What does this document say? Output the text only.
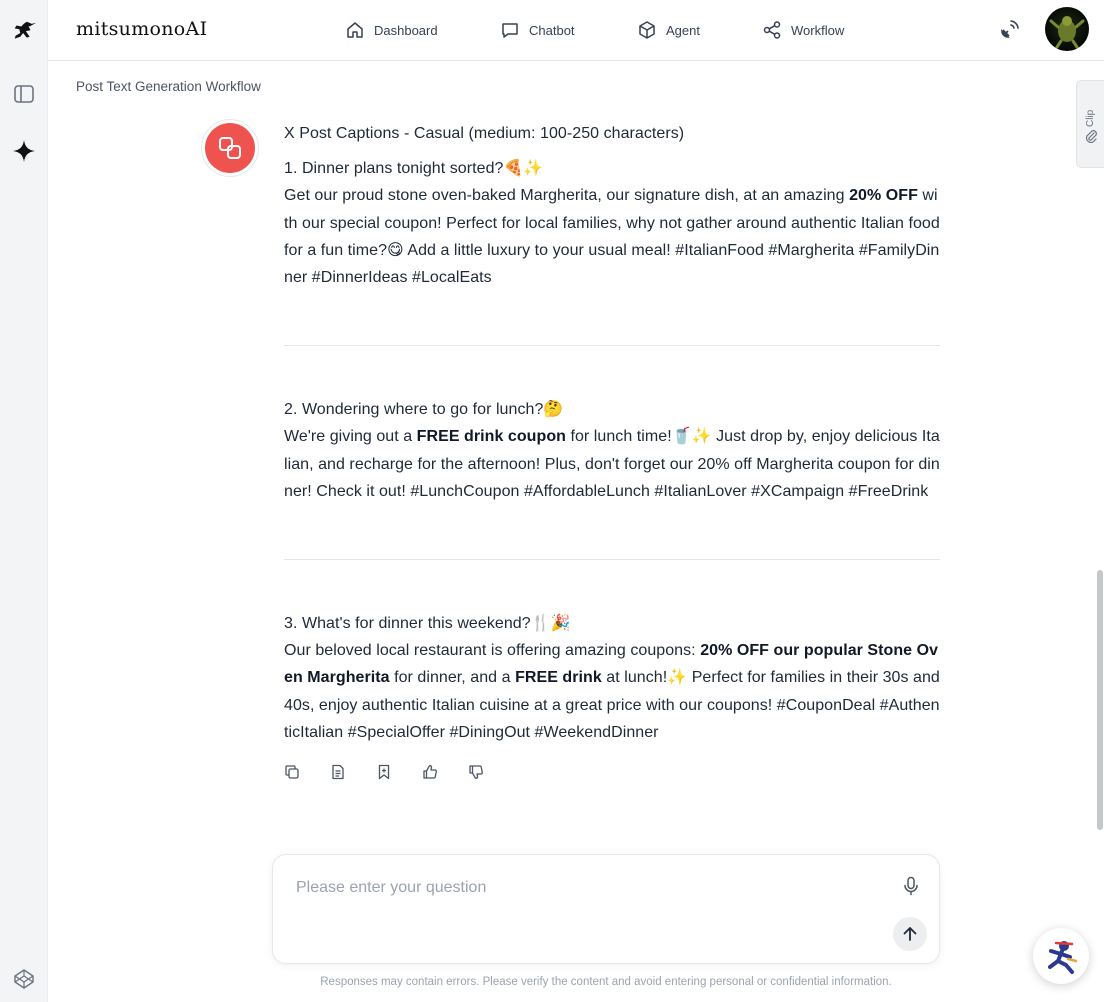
mitsumonoAI	Dashboard	Chatbot	Agent	Workflow
Post Text Generation Workflow
Clip
X Post Captions - Casual (medium: 100-250 characters)

1. Dinner plans tonight sorted?🍕✨

Get our proud stone oven-baked Margherita, our signature dish, at an amazing 20% OFF with our special coupon! Perfect for local families, why not gather around authentic Italian food for a fun time?😋 Add a little luxury to your usual meal! #ItalianFood #Margherita #FamilyDinner #DinnerIdeas #LocalEats

2. Wondering where to go for lunch?🤔

We're giving out a FREE drink coupon for lunch time!🥤✨ Just drop by, enjoy delicious Italian, and recharge for the afternoon! Plus, don't forget our 20% off Margherita coupon for dinner! Check it out! #LunchCoupon #AffordableLunch #ItalianLover #XCampaign #FreeDrink

3. What's for dinner this weekend?🍴🎉

Our beloved local restaurant is offering amazing coupons: 20% OFF our popular Stone Oven Margherita for dinner, and a FREE drink at lunch!✨ Perfect for families in their 30s and 40s, enjoy authentic Italian cuisine at a great price with our coupons! #CouponDeal #AuthenticItalian #SpecialOffer #DiningOut #WeekendDinner

Please enter your question
Responses may contain errors. Please verify the content and avoid entering personal or confidential information.
